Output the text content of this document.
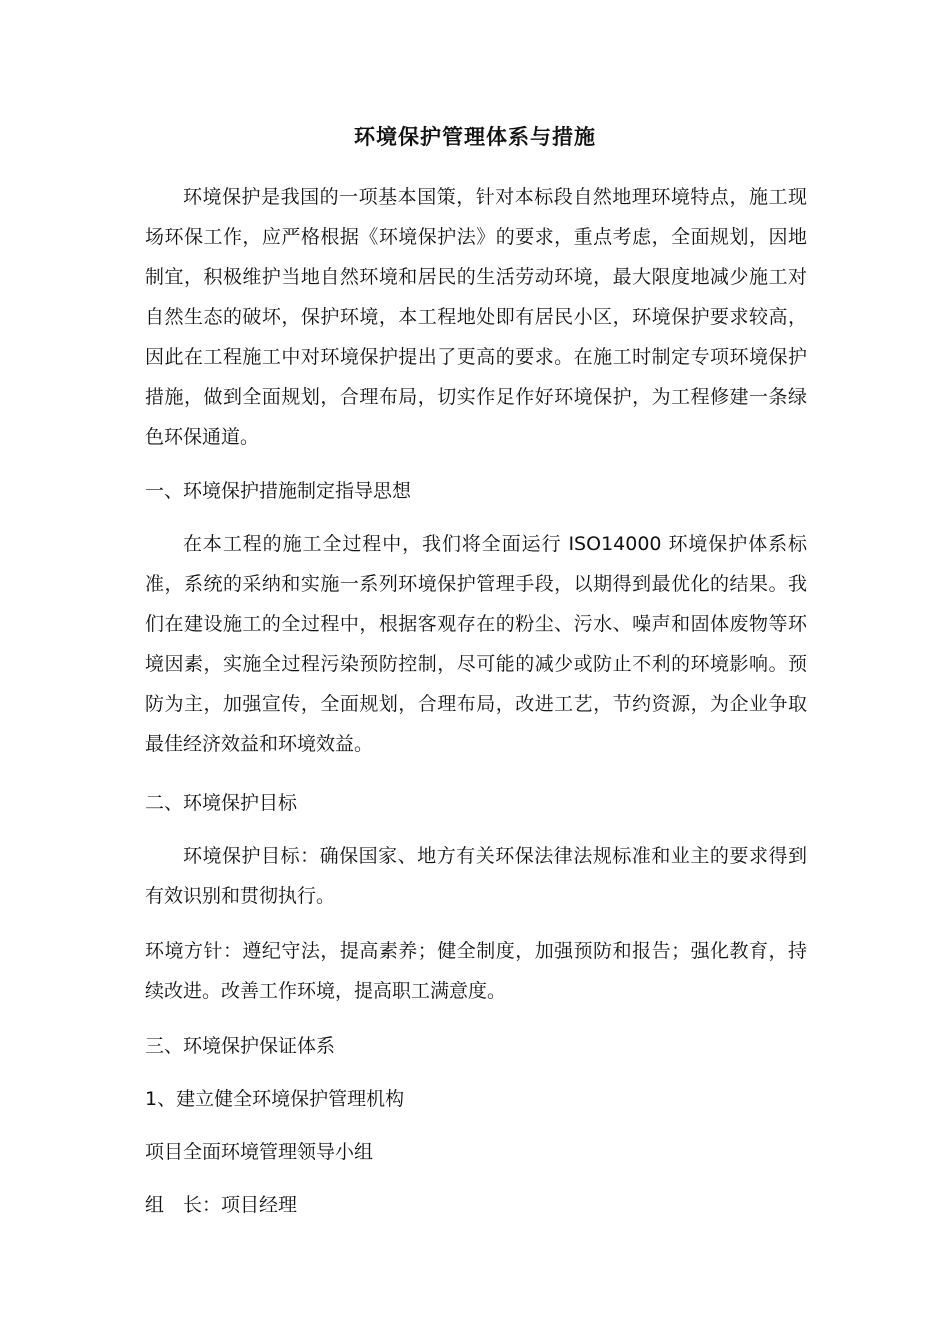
环境保护管理体系与措施
环境保护是我国的一项基本国策，针对本标段自然地理环境特点，施工现场环保工作，应严格根据《环境保护法》的要求，重点考虑，全面规划，因地制宜，积极维护当地自然环境和居民的生活劳动环境，最大限度地减少施工对自然生态的破坏，保护环境，本工程地处即有居民小区，环境保护要求较高，因此在工程施工中对环境保护提出了更高的要求。在施工时制定专项环境保护措施，做到全面规划，合理布局，切实作足作好环境保护，为工程修建一条绿色环保通道。
一、环境保护措施制定指导思想
在本工程的施工全过程中，我们将全面运行 ISO14000 环境保护体系标准，系统的采纳和实施一系列环境保护管理手段，以期得到最优化的结果。我们在建设施工的全过程中，根据客观存在的粉尘、污水、噪声和固体废物等环境因素，实施全过程污染预防控制，尽可能的减少或防止不利的环境影响。预防为主，加强宣传，全面规划，合理布局，改进工艺，节约资源，为企业争取最佳经济效益和环境效益。
二、环境保护目标
环境保护目标：确保国家、地方有关环保法律法规标准和业主的要求得到有效识别和贯彻执行。
环境方针：遵纪守法，提高素养；健全制度，加强预防和报告；强化教育，持续改进。改善工作环境，提高职工满意度。
三、环境保护保证体系
1、建立健全环境保护管理机构
项目全面环境管理领导小组
组　长：项目经理
